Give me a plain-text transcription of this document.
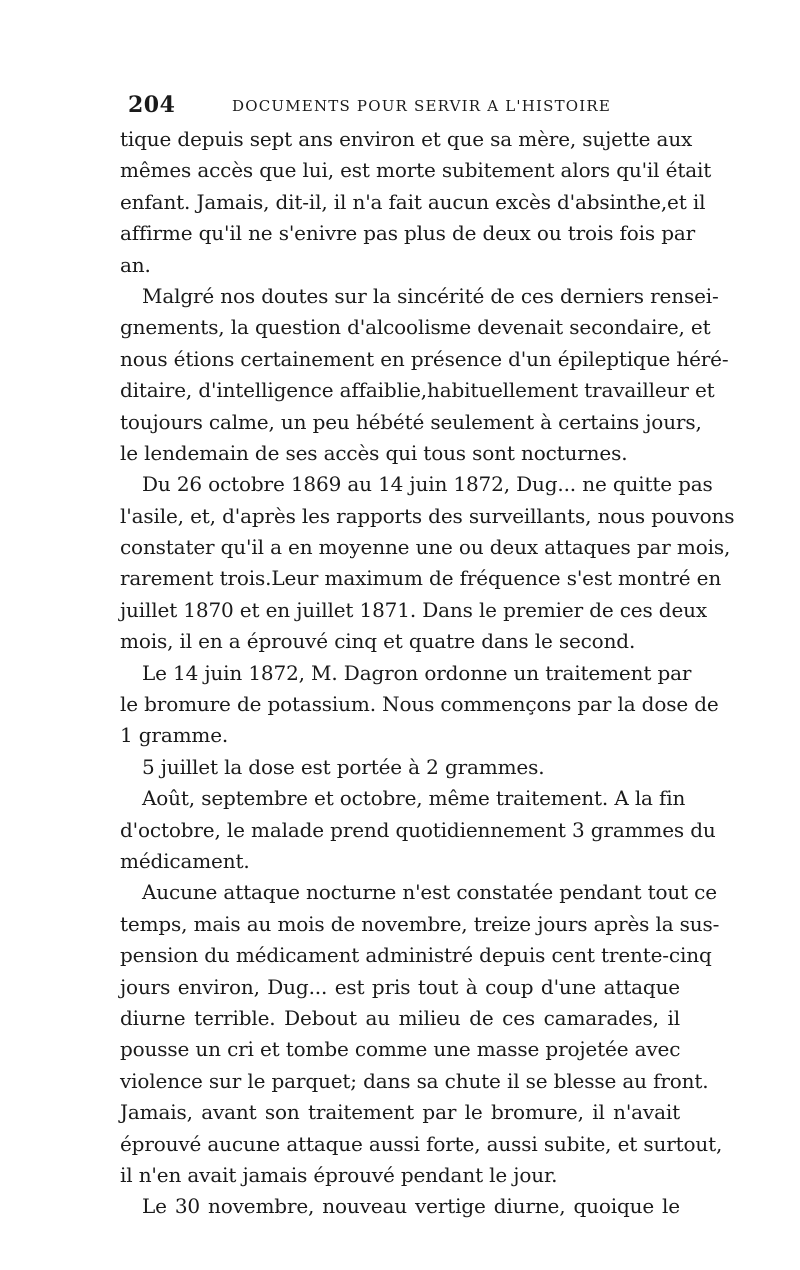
204	DOCUMENTS POUR SERVIR A L'HISTOIRE
tique depuis sept ans environ et que sa mère, sujette aux
mêmes accès que lui, est morte subitement alors qu'il était
enfant. Jamais, dit-il, il n'a fait aucun excès d'absinthe,et il
affirme qu'il ne s'enivre pas plus de deux ou trois fois par
an.
Malgré nos doutes sur la sincérité de ces derniers rensei-
gnements, la question d'alcoolisme devenait secondaire, et
nous étions certainement en présence d'un épileptique héré-
ditaire, d'intelligence affaiblie,habituellement travailleur et
toujours calme, un peu hébété seulement à certains jours,
le lendemain de ses accès qui tous sont nocturnes.
Du 26 octobre 1869 au 14 juin 1872, Dug... ne quitte pas
l'asile, et, d'après les rapports des surveillants, nous pouvons
constater qu'il a en moyenne une ou deux attaques par mois,
rarement trois.Leur maximum de fréquence s'est montré en
juillet 1870 et en juillet 1871. Dans le premier de ces deux
mois, il en a éprouvé cinq et quatre dans le second.
Le 14 juin 1872, M. Dagron ordonne un traitement par
le bromure de potassium. Nous commençons par la dose de
1 gramme.
5 juillet la dose est portée à 2 grammes.
Août, septembre et octobre, même traitement. A la fin
d'octobre, le malade prend quotidiennement 3 grammes du
médicament.
Aucune attaque nocturne n'est constatée pendant tout ce
temps, mais au mois de novembre, treize jours après la sus-
pension du médicament administré depuis cent trente-cinq
jours environ, Dug... est pris tout à coup d'une attaque
diurne terrible. Debout au milieu de ces camarades, il
pousse un cri et tombe comme une masse projetée avec
violence sur le parquet; dans sa chute il se blesse au front.
Jamais, avant son traitement par le bromure, il n'avait
éprouvé aucune attaque aussi forte, aussi subite, et surtout,
il n'en avait jamais éprouvé pendant le jour.
Le 30 novembre, nouveau vertige diurne, quoique le
